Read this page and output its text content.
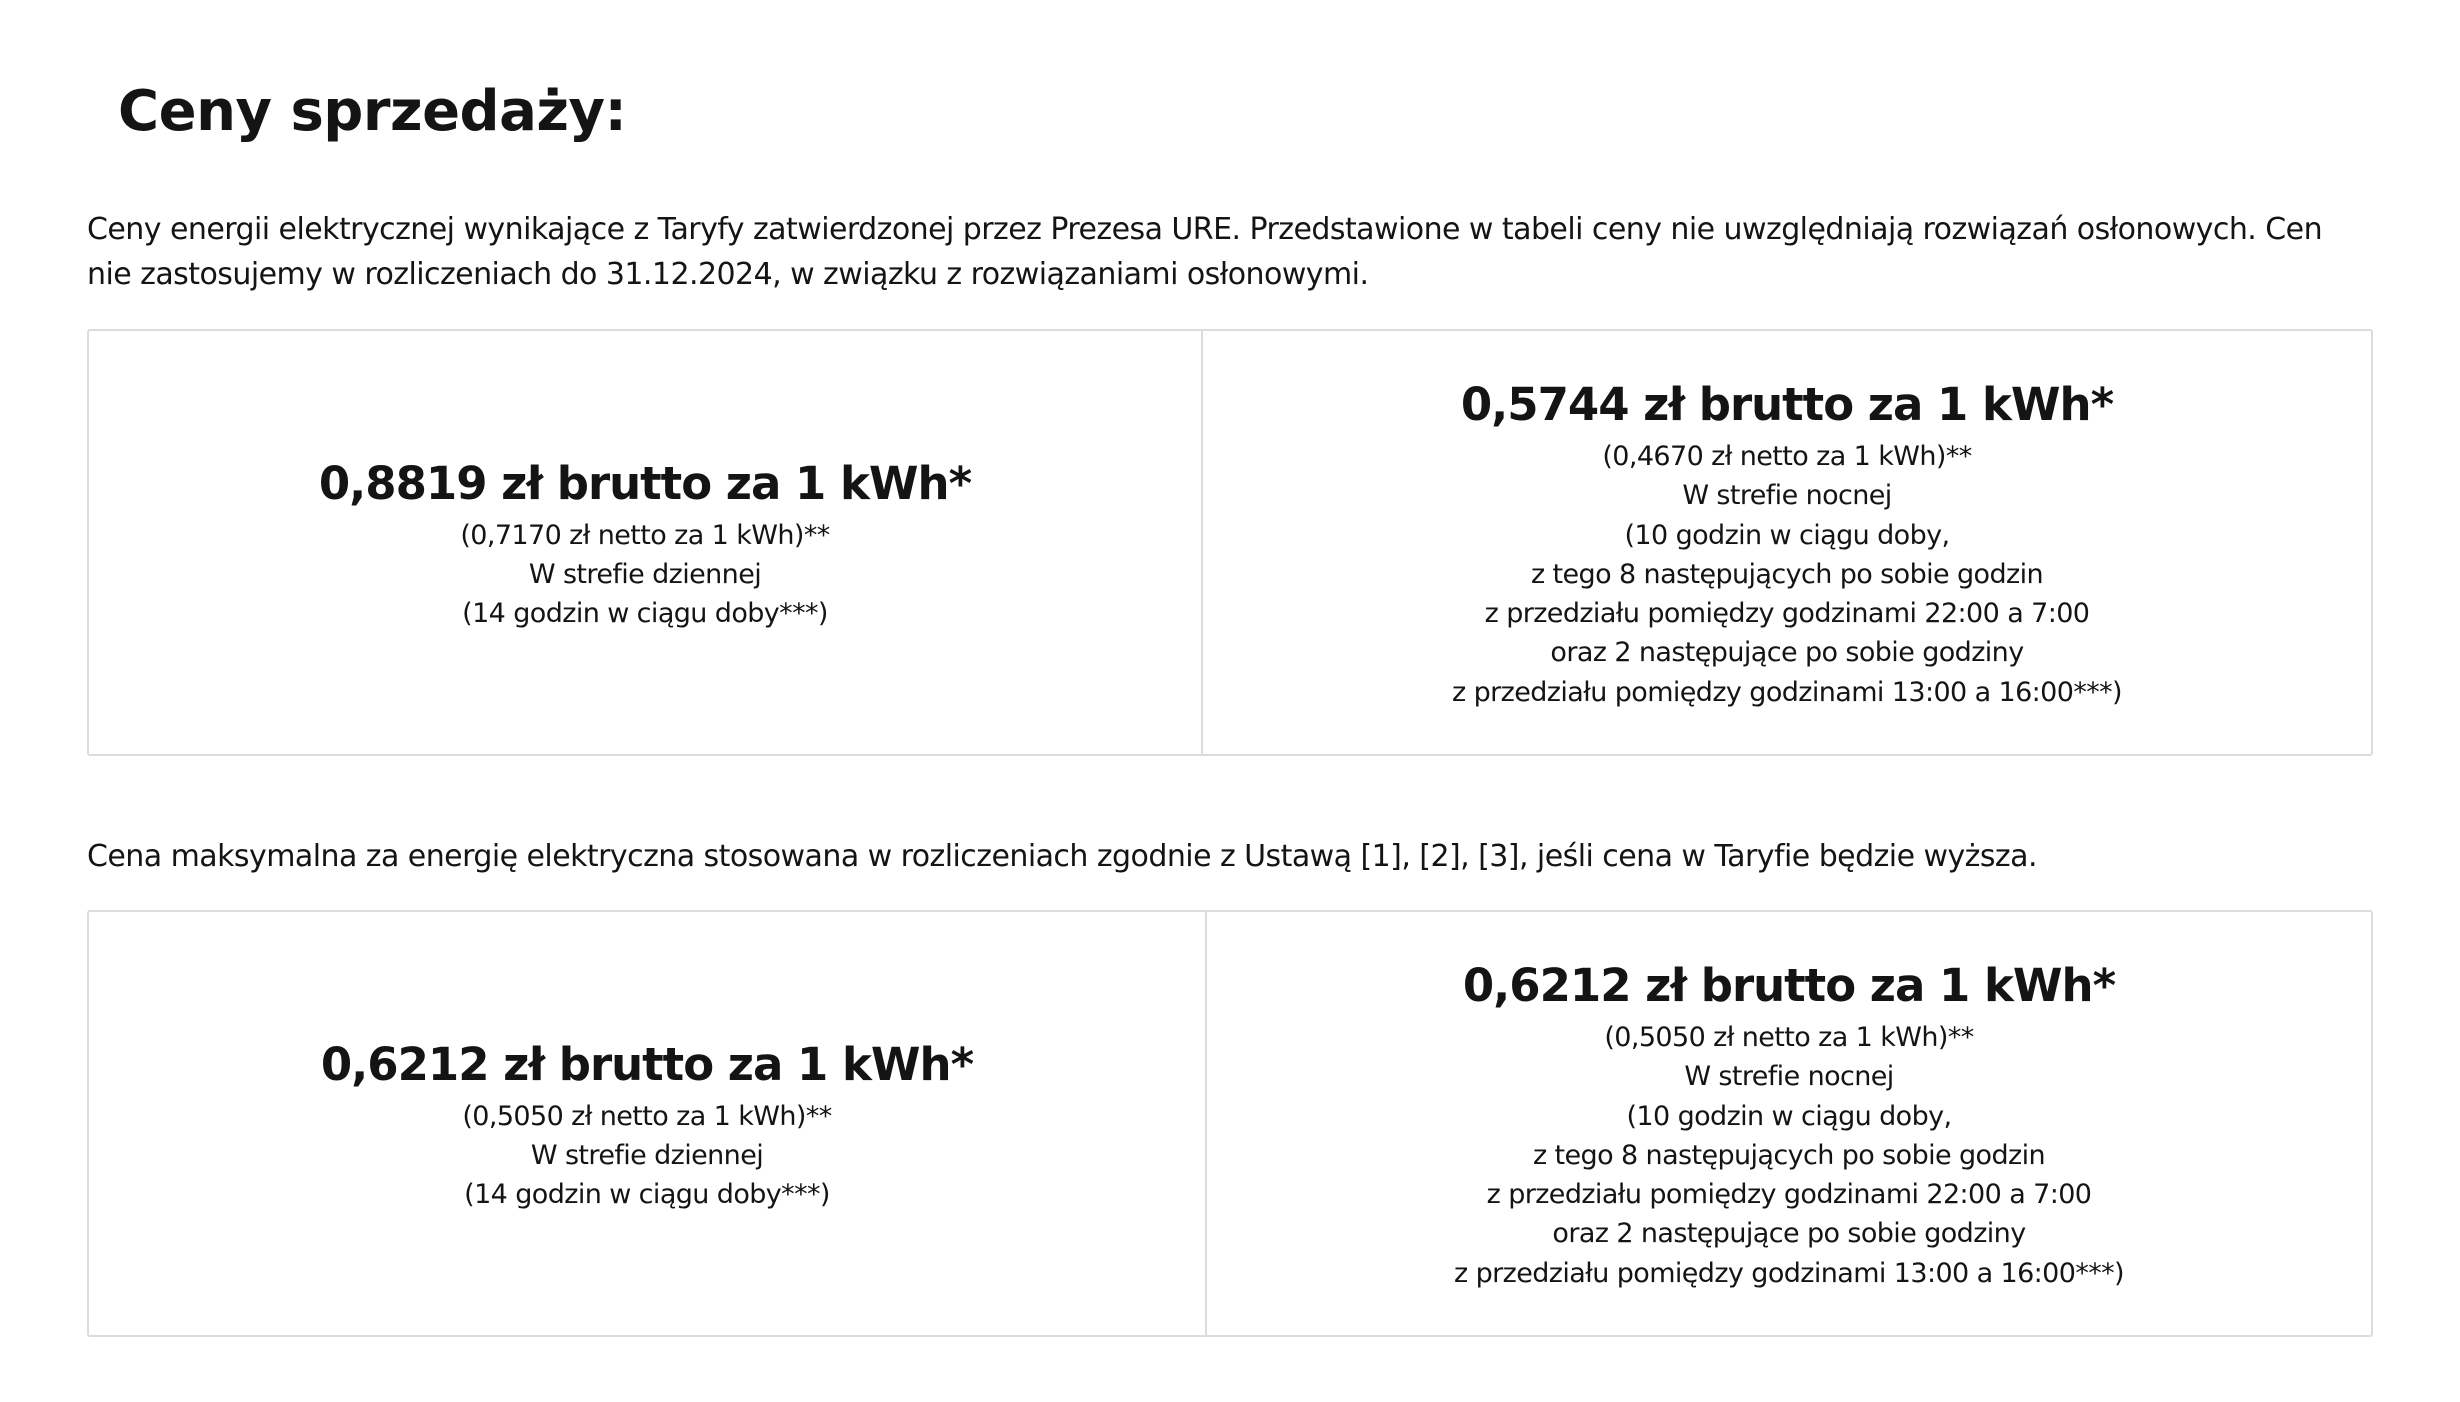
Ceny sprzedaży:

Ceny energii elektrycznej wynikające z Taryfy zatwierdzonej przez Prezesa URE. Przedstawione w tabeli ceny nie uwzględniają rozwiązań osłonowych. Cen nie zastosujemy w rozliczeniach do 31.12.2024, w związku z rozwiązaniami osłonowymi.

0,8819 zł brutto za 1 kWh*
(0,7170 zł netto za 1 kWh)**
W strefie dziennej
(14 godzin w ciągu doby***)
0,5744 zł brutto za 1 kWh*
(0,4670 zł netto za 1 kWh)**
W strefie nocnej
(10 godzin w ciągu doby,
z tego 8 następujących po sobie godzin
z przedziału pomiędzy godzinami 22:00 a 7:00
oraz 2 następujące po sobie godziny
z przedziału pomiędzy godzinami 13:00 a 16:00***)

Cena maksymalna za energię elektryczna stosowana w rozliczeniach zgodnie z Ustawą [1], [2], [3], jeśli cena w Taryfie będzie wyższa.

0,6212 zł brutto za 1 kWh*
(0,5050 zł netto za 1 kWh)**
W strefie dziennej
(14 godzin w ciągu doby***)
0,6212 zł brutto za 1 kWh*
(0,5050 zł netto za 1 kWh)**
W strefie nocnej
(10 godzin w ciągu doby,
z tego 8 następujących po sobie godzin
z przedziału pomiędzy godzinami 22:00 a 7:00
oraz 2 następujące po sobie godziny
z przedziału pomiędzy godzinami 13:00 a 16:00***)
